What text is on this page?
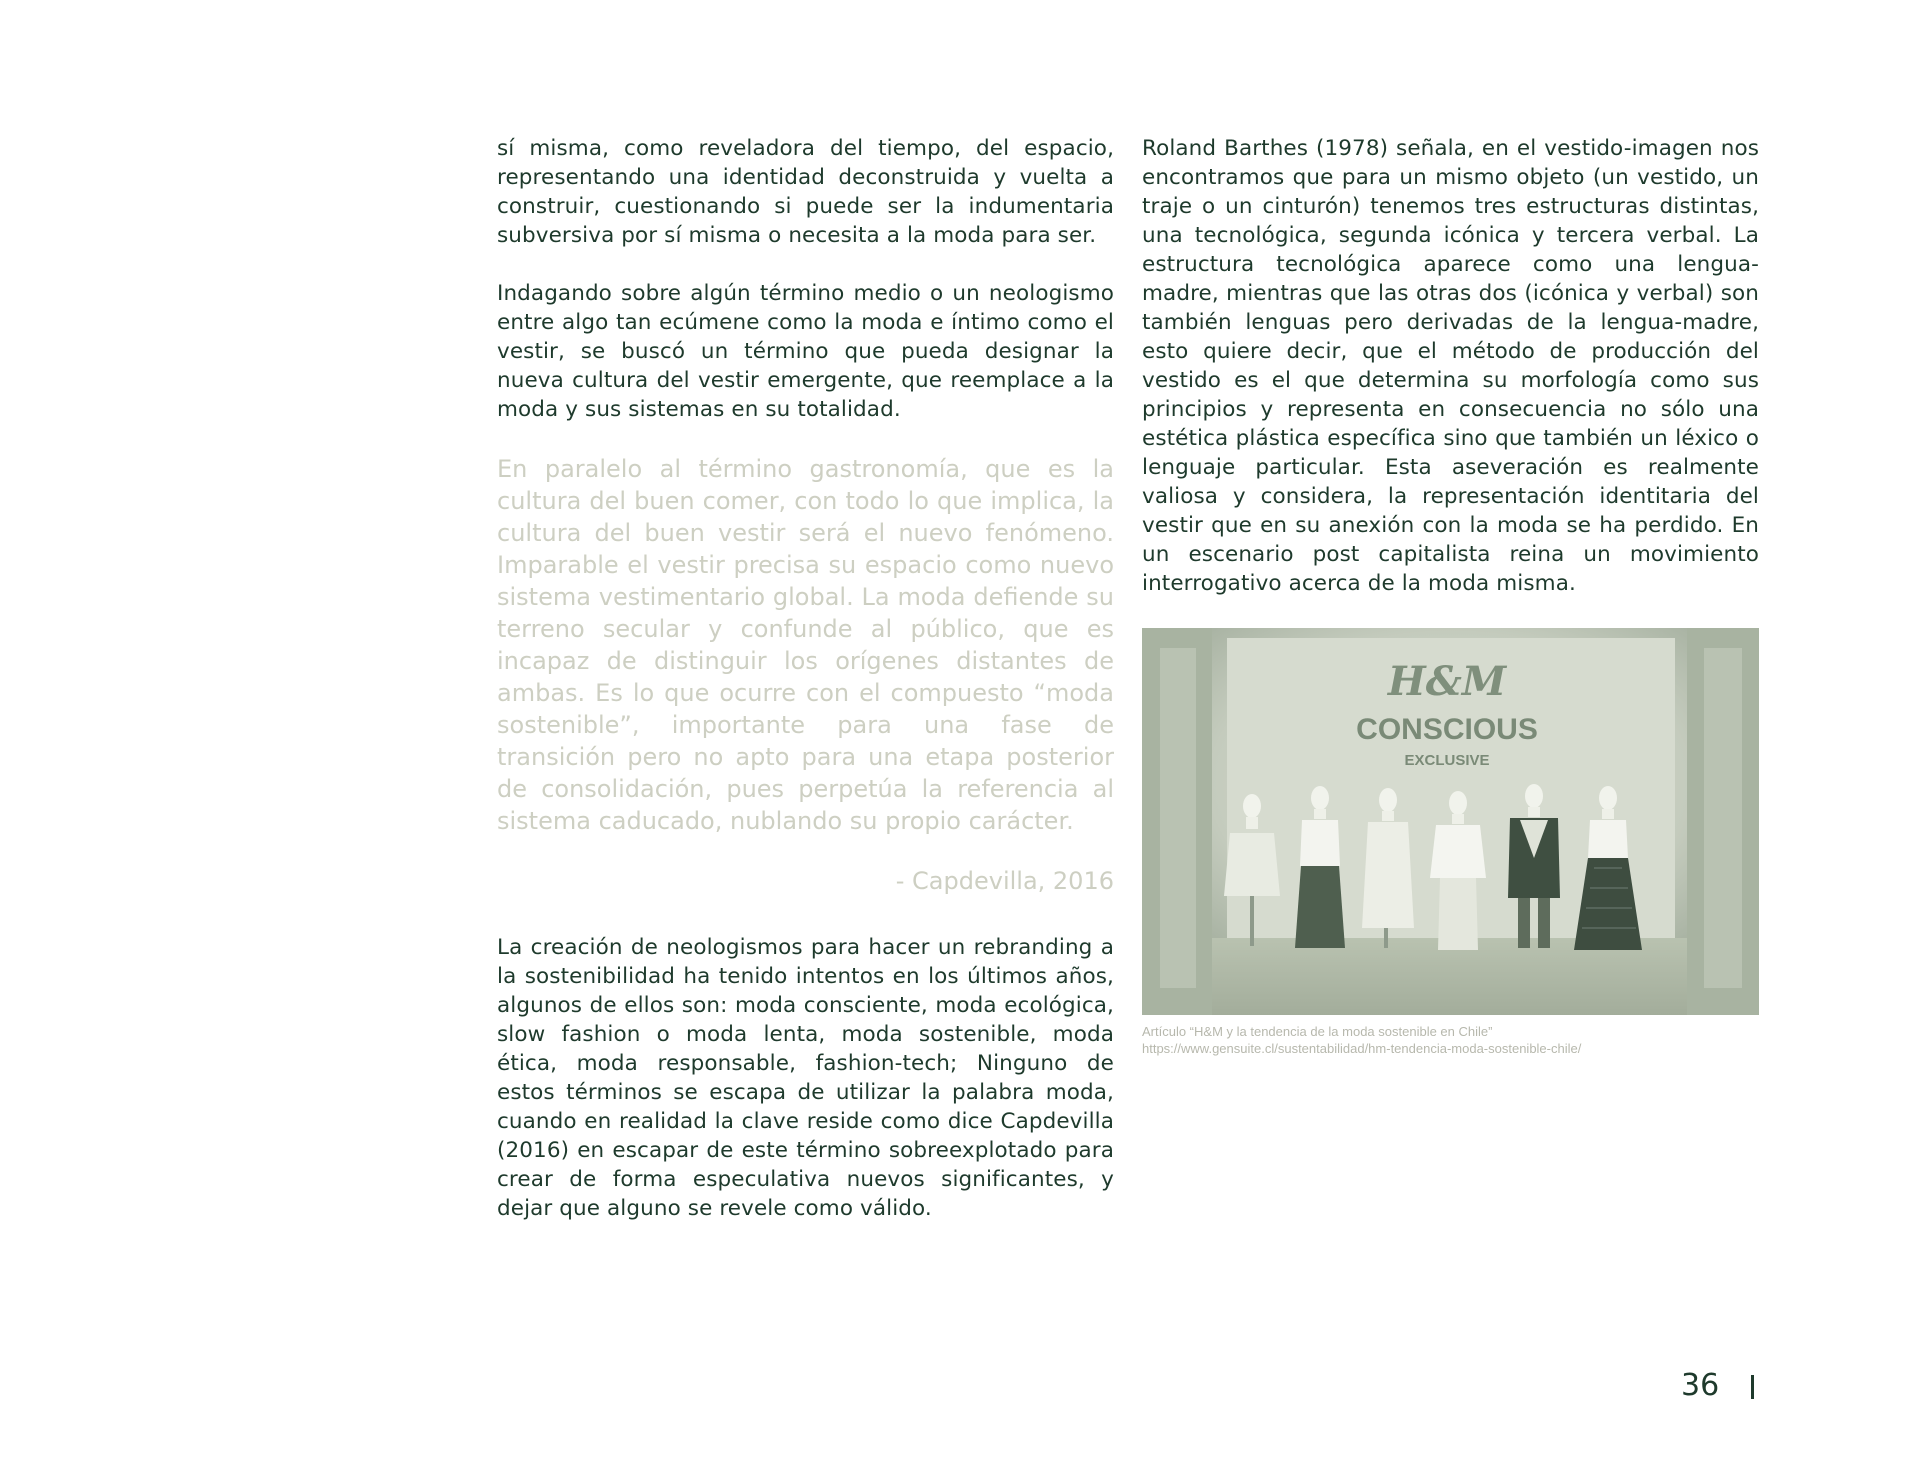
sí misma, como reveladora del tiempo, del espacio, representando una identidad deconstruida y vuelta a construir, cuestionando si puede ser la indumentaria subversiva por sí misma o necesita a la moda para ser.

Indagando sobre algún término medio o un neologismo entre algo tan ecúmene como la moda e íntimo como el vestir, se buscó un término que pueda designar la nueva cultura del vestir emergente, que reemplace a la moda y sus sistemas en su totalidad.

En paralelo al término gastronomía, que es la cultura del buen comer, con todo lo que implica, la cultura del buen vestir será el nuevo fenómeno. Imparable el vestir precisa su espacio como nuevo sistema vestimentario global. La moda defiende su terreno secular y confunde al público, que es incapaz de distinguir los orígenes distantes de ambas. Es lo que ocurre con el compuesto “moda sostenible”, importante para una fase de transición pero no apto para una etapa posterior de consolidación, pues perpetúa la referencia al sistema caducado, nublando su propio carácter.

- Capdevilla, 2016

La creación de neologismos para hacer un rebranding a la sostenibilidad ha tenido intentos en los últimos años, algunos de ellos son: moda consciente, moda ecológica, slow fashion o moda lenta, moda sostenible, moda ética, moda responsable, fashion-tech; Ninguno de estos términos se escapa de utilizar la palabra moda, cuando en realidad la clave reside como dice Capdevilla (2016) en escapar de este término sobreexplotado para crear de forma especulativa nuevos significantes, y dejar que alguno se revele como válido.

Roland Barthes (1978) señala, en el vestido-imagen nos encontramos que para un mismo objeto (un vestido, un traje o un cinturón) tenemos tres estructuras distintas, una tecnológica, segunda icónica y tercera verbal. La estructura tecnológica aparece como una lengua-madre, mientras que las otras dos (icónica y verbal) son también lenguas pero derivadas de la lengua-madre, esto quiere decir, que el método de producción del vestido es el que determina su morfología como sus principios y representa en consecuencia no sólo una estética plástica específica sino que también un léxico o lenguaje particular. Esta aseveración es realmente valiosa y considera, la representación identitaria del vestir que en su anexión con la moda se ha perdido. En un escenario post capitalista reina un movimiento interrogativo acerca de la moda misma.

H&M
CONSCIOUS
EXCLUSIVE
Artículo “H&M y la tendencia de la moda sostenible en Chile”
https://www.gensuite.cl/sustentabilidad/hm-tendencia-moda-sostenible-chile/
36
